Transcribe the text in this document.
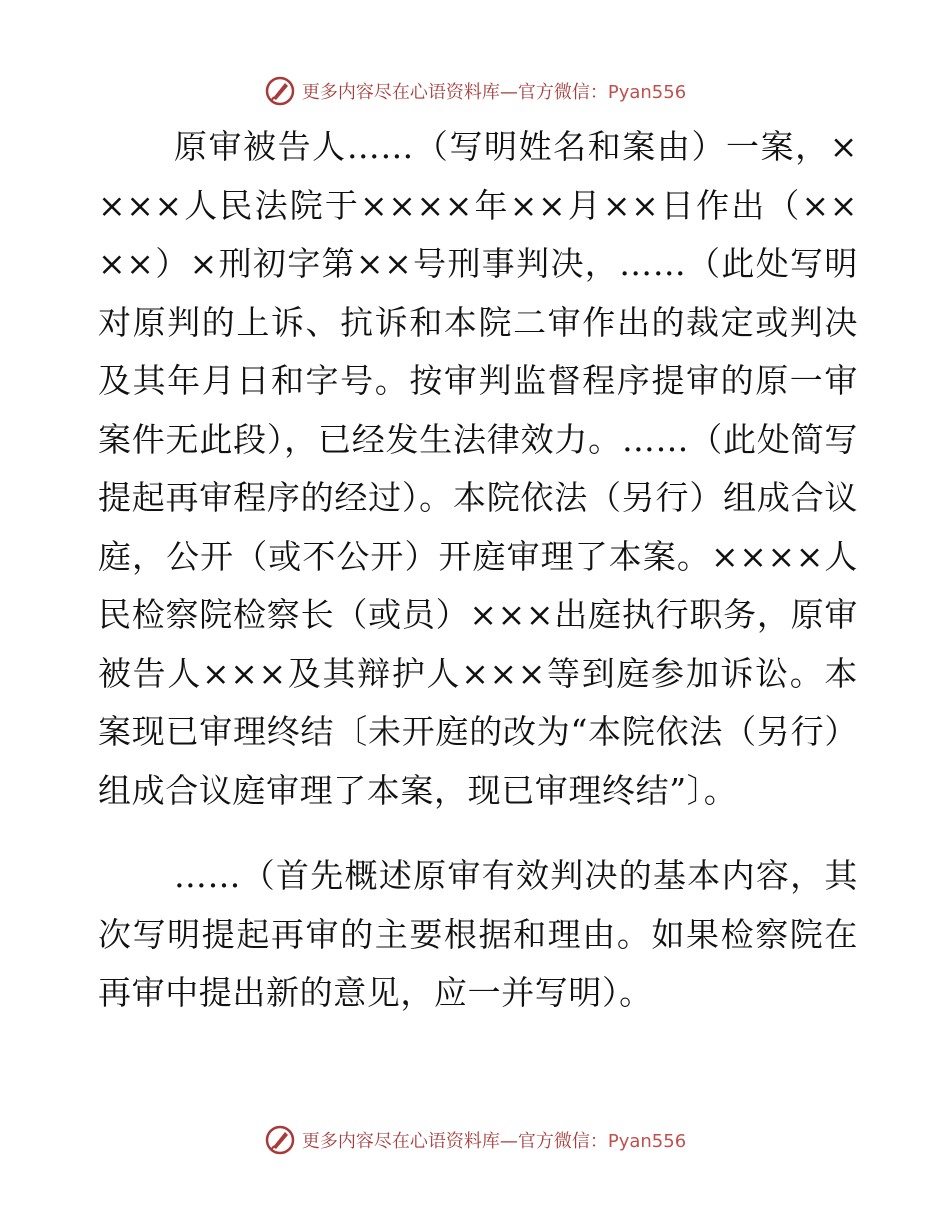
更多内容尽在心语资料库—官方微信：Pyan556

原审被告人……（写明姓名和案由）一案，××××人民法院于××××年××月××日作出（××××）×刑初字第××号刑事判决，……（此处写明对原判的上诉、抗诉和本院二审作出的裁定或判决及其年月日和字号。按审判监督程序提审的原一审案件无此段），已经发生法律效力。……（此处简写提起再审程序的经过）。本院依法（另行）组成合议庭，公开（或不公开）开庭审理了本案。××××人民检察院检察长（或员）×××出庭执行职务，原审被告人×××及其辩护人×××等到庭参加诉讼。本案现已审理终结〔未开庭的改为“本院依法（另行）组成合议庭审理了本案，现已审理终结”〕。

……（首先概述原审有效判决的基本内容，其次写明提起再审的主要根据和理由。如果检察院在再审中提出新的意见，应一并写明）。

更多内容尽在心语资料库—官方微信：Pyan556
